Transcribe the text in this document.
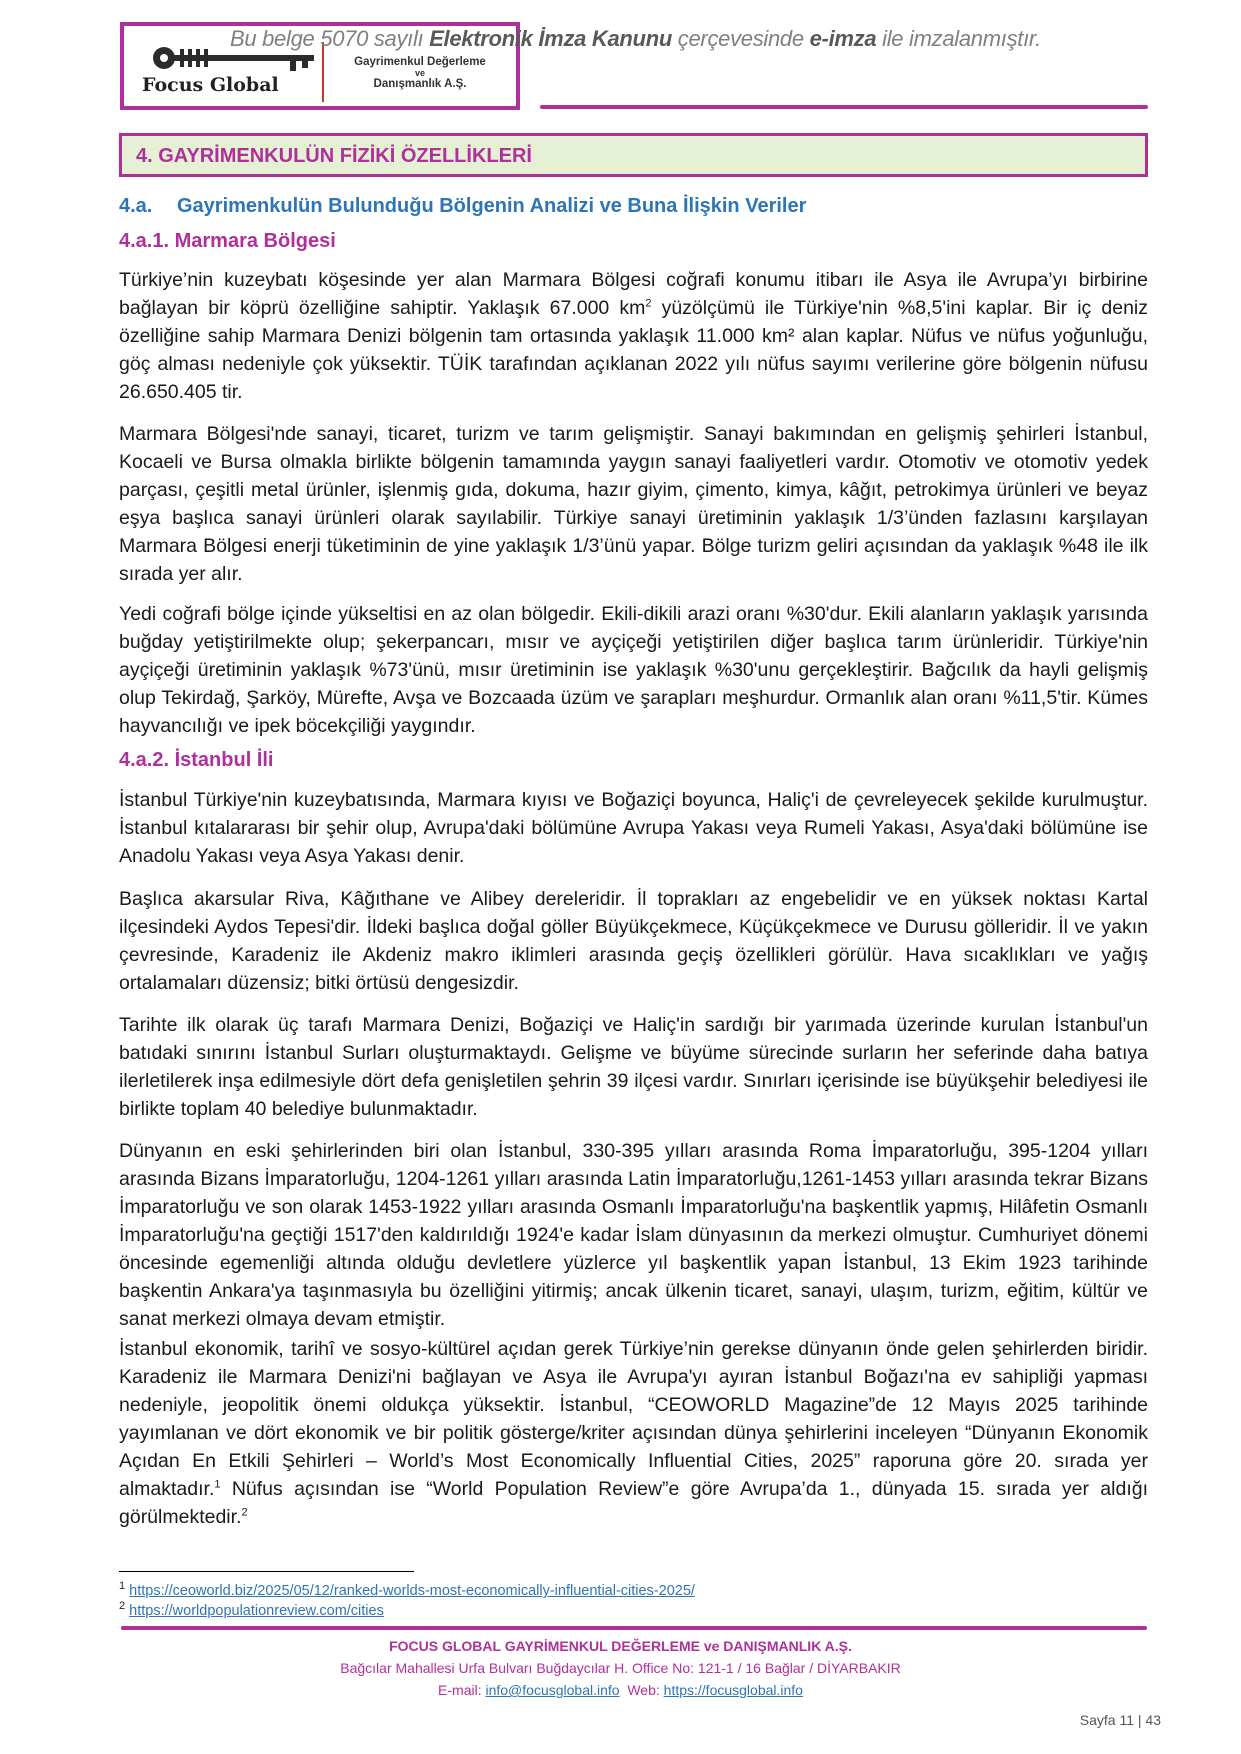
Focus Global
Gayrimenkul Değerleme
ve
Danışmanlık A.Ş.
Bu belge 5070 sayılı Elektronik İmza Kanunu çerçevesinde e-imza ile imzalanmıştır.
4. GAYRİMENKULÜN FİZİKİ ÖZELLİKLERİ
4.a. Gayrimenkulün Bulunduğu Bölgenin Analizi ve Buna İlişkin Veriler
4.a.1. Marmara Bölgesi
Türkiye’nin kuzeybatı köşesinde yer alan Marmara Bölgesi coğrafi konumu itibarı ile Asya ile Avrupa’yı birbirine bağlayan bir köprü özelliğine sahiptir. Yaklaşık 67.000 $km^2$ yüzölçümü ile Türkiye'nin %8,5'ini kaplar. Bir iç deniz özelliğine sahip Marmara Denizi bölgenin tam ortasında yaklaşık 11.000 km² alan kaplar. Nüfus ve nüfus yoğunluğu, göç alması nedeniyle çok yüksektir. TÜİK tarafından açıklanan 2022 yılı nüfus sayımı verilerine göre bölgenin nüfusu 26.650.405 tir.
Marmara Bölgesi'nde sanayi, ticaret, turizm ve tarım gelişmiştir. Sanayi bakımından en gelişmiş şehirleri İstanbul, Kocaeli ve Bursa olmakla birlikte bölgenin tamamında yaygın sanayi faaliyetleri vardır. Otomotiv ve otomotiv yedek parçası, çeşitli metal ürünler, işlenmiş gıda, dokuma, hazır giyim, çimento, kimya, kâğıt, petrokimya ürünleri ve beyaz eşya başlıca sanayi ürünleri olarak sayılabilir. Türkiye sanayi üretiminin yaklaşık 1/3’ünden fazlasını karşılayan Marmara Bölgesi enerji tüketiminin de yine yaklaşık 1/3’ünü yapar. Bölge turizm geliri açısından da yaklaşık %48 ile ilk sırada yer alır.
Yedi coğrafi bölge içinde yükseltisi en az olan bölgedir. Ekili-dikili arazi oranı %30'dur. Ekili alanların yaklaşık yarısında buğday yetiştirilmekte olup; şekerpancarı, mısır ve ayçiçeği yetiştirilen diğer başlıca tarım ürünleridir. Türkiye'nin ayçiçeği üretiminin yaklaşık %73'ünü, mısır üretiminin ise yaklaşık %30'unu gerçekleştirir. Bağcılık da hayli gelişmiş olup Tekirdağ, Şarköy, Mürefte, Avşa ve Bozcaada üzüm ve şarapları meşhurdur. Ormanlık alan oranı %11,5'tir. Kümes hayvancılığı ve ipek böcekçiliği yaygındır.
4.a.2. İstanbul İli
İstanbul Türkiye'nin kuzeybatısında, Marmara kıyısı ve Boğaziçi boyunca, Haliç'i de çevreleyecek şekilde kurulmuştur. İstanbul kıtalararası bir şehir olup, Avrupa'daki bölümüne Avrupa Yakası veya Rumeli Yakası, Asya'daki bölümüne ise Anadolu Yakası veya Asya Yakası denir.
Başlıca akarsular Riva, Kâğıthane ve Alibey dereleridir. İl toprakları az engebelidir ve en yüksek noktası Kartal ilçesindeki Aydos Tepesi'dir. İldeki başlıca doğal göller Büyükçekmece, Küçükçekmece ve Durusu gölleridir. İl ve yakın çevresinde, Karadeniz ile Akdeniz makro iklimleri arasında geçiş özellikleri görülür. Hava sıcaklıkları ve yağış ortalamaları düzensiz; bitki örtüsü dengesizdir.
Tarihte ilk olarak üç tarafı Marmara Denizi, Boğaziçi ve Haliç'in sardığı bir yarımada üzerinde kurulan İstanbul'un batıdaki sınırını İstanbul Surları oluşturmaktaydı. Gelişme ve büyüme sürecinde surların her seferinde daha batıya ilerletilerek inşa edilmesiyle dört defa genişletilen şehrin 39 ilçesi vardır. Sınırları içerisinde ise büyükşehir belediyesi ile birlikte toplam 40 belediye bulunmaktadır.
Dünyanın en eski şehirlerinden biri olan İstanbul, 330-395 yılları arasında Roma İmparatorluğu, 395-1204 yılları arasında Bizans İmparatorluğu, 1204-1261 yılları arasında Latin İmparatorluğu,1261-1453 yılları arasında tekrar Bizans İmparatorluğu ve son olarak 1453-1922 yılları arasında Osmanlı İmparatorluğu'na başkentlik yapmış, Hilâfetin Osmanlı İmparatorluğu'na geçtiği 1517'den kaldırıldığı 1924'e kadar İslam dünyasının da merkezi olmuştur. Cumhuriyet dönemi öncesinde egemenliği altında olduğu devletlere yüzlerce yıl başkentlik yapan İstanbul, 13 Ekim 1923 tarihinde başkentin Ankara'ya taşınmasıyla bu özelliğini yitirmiş; ancak ülkenin ticaret, sanayi, ulaşım, turizm, eğitim, kültür ve sanat merkezi olmaya devam etmiştir.
İstanbul ekonomik, tarihî ve sosyo-kültürel açıdan gerek Türkiye’nin gerekse dünyanın önde gelen şehirlerden biridir. Karadeniz ile Marmara Denizi'ni bağlayan ve Asya ile Avrupa'yı ayıran İstanbul Boğazı'na ev sahipliği yapması nedeniyle, jeopolitik önemi oldukça yüksektir. İstanbul, “CEOWORLD Magazine”de 12 Mayıs 2025 tarihinde yayımlanan ve dört ekonomik ve bir politik gösterge/kriter açısından dünya şehirlerini inceleyen “Dünyanın Ekonomik Açıdan En Etkili Şehirleri – World’s Most Economically Influential Cities, 2025” raporuna göre 20. sırada yer almaktadır.$^1$ Nüfus açısından ise “World Population Review”e göre Avrupa’da 1., dünyada 15. sırada yer aldığı görülmektedir.$^2$
$^1$ https://ceoworld.biz/2025/05/12/ranked-worlds-most-economically-influential-cities-2025/
$^2$ https://worldpopulationreview.com/cities
FOCUS GLOBAL GAYRİMENKUL DEĞERLEME ve DANIŞMANLIK A.Ş.
Bağcılar Mahallesi Urfa Bulvarı Buğdaycılar H. Office No: 121-1 / 16 Bağlar / DİYARBAKIR
E-mail: info@focusglobal.info  Web: https://focusglobal.info
Sayfa 11 | 43
